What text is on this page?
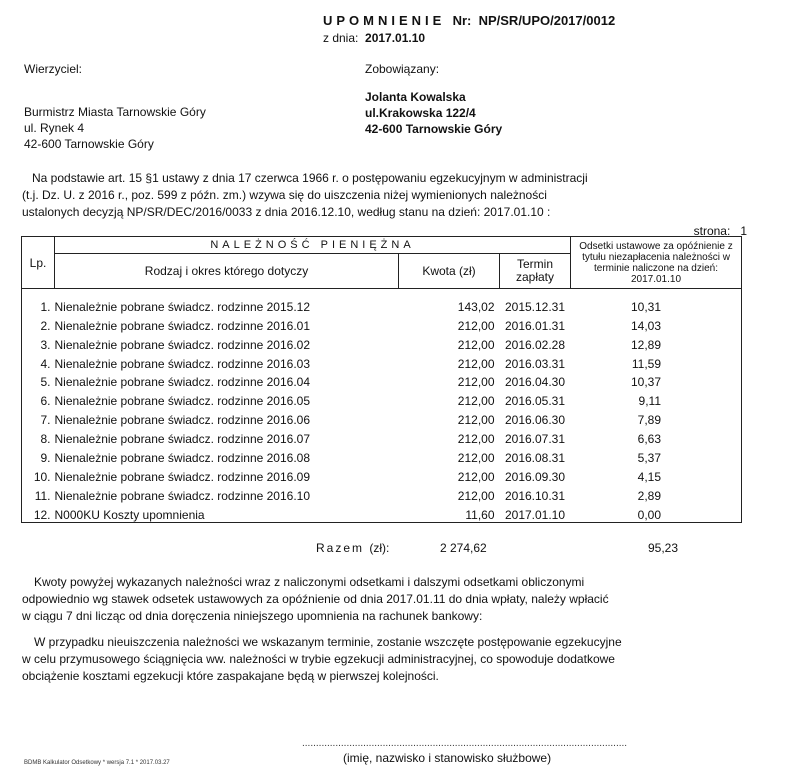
UPOMNIENIE Nr: NP/SR/UPO/2017/0012
z dnia: 2017.01.10
Wierzyciel:	Zobowiązany:
Burmistrz Miasta Tarnowskie Góry
ul. Rynek 4
42-600 Tarnowskie Góry
Jolanta Kowalska
ul.Krakowska 122/4
42-600 Tarnowskie Góry
Na podstawie art. 15 §1 ustawy z dnia 17 czerwca 1966 r. o postępowaniu egzekucyjnym w administracji
(t.j. Dz. U. z 2016 r., poz. 599 z późn. zm.) wzywa się do uiszczenia niżej wymienionych należności
ustalonych decyzją NP/SR/DEC/2016/0033 z dnia 2016.12.10, według stanu na dzień: 2017.01.10 :
strona: 1
Lp.	NALEŻNOŚĆ PIENIĘŻNA			Odsetki ustawowe za opóźnienie z tytułu niezapłacenia należności w terminie naliczone na dzień: 2017.01.10
	Rodzaj i okres którego dotyczy	Kwota (zł)	Termin zapłaty	
1.	Nienależnie pobrane świadcz. rodzinne 2015.12	143,02	2015.12.31	10,31
2.	Nienależnie pobrane świadcz. rodzinne 2016.01	212,00	2016.01.31	14,03
3.	Nienależnie pobrane świadcz. rodzinne 2016.02	212,00	2016.02.28	12,89
4.	Nienależnie pobrane świadcz. rodzinne 2016.03	212,00	2016.03.31	11,59
5.	Nienależnie pobrane świadcz. rodzinne 2016.04	212,00	2016.04.30	10,37
6.	Nienależnie pobrane świadcz. rodzinne 2016.05	212,00	2016.05.31	9,11
7.	Nienależnie pobrane świadcz. rodzinne 2016.06	212,00	2016.06.30	7,89
8.	Nienależnie pobrane świadcz. rodzinne 2016.07	212,00	2016.07.31	6,63
9.	Nienależnie pobrane świadcz. rodzinne 2016.08	212,00	2016.08.31	5,37
10.	Nienależnie pobrane świadcz. rodzinne 2016.09	212,00	2016.09.30	4,15
11.	Nienależnie pobrane świadcz. rodzinne 2016.10	212,00	2016.10.31	2,89
12.	N000KU Koszty upomnienia	11,60	2017.01.10	0,00
Razem (zł):	2 274,62	95,23
Kwoty powyżej wykazanych należności wraz z naliczonymi odsetkami i dalszymi odsetkami obliczonymi
odpowiednio wg stawek odsetek ustawowych za opóźnienie od dnia 2017.01.11 do dnia wpłaty, należy wpłacić
w ciągu 7 dni licząc od dnia doręczenia niniejszego upomnienia na rachunek bankowy:
W przypadku nieuiszczenia należności we wskazanym terminie, zostanie wszczęte postępowanie egzekucyjne
w celu przymusowego ściągnięcia ww. należności w trybie egzekucji administracyjnej, co spowoduje dodatkowe
obciążenie kosztami egzekucji które zaspakajane będą w pierwszej kolejności.
.....................................................................................................................
(imię, nazwisko i stanowisko służbowe)
BDMB Kalkulator Odsetkowy * wersja 7.1 * 2017.03.27
